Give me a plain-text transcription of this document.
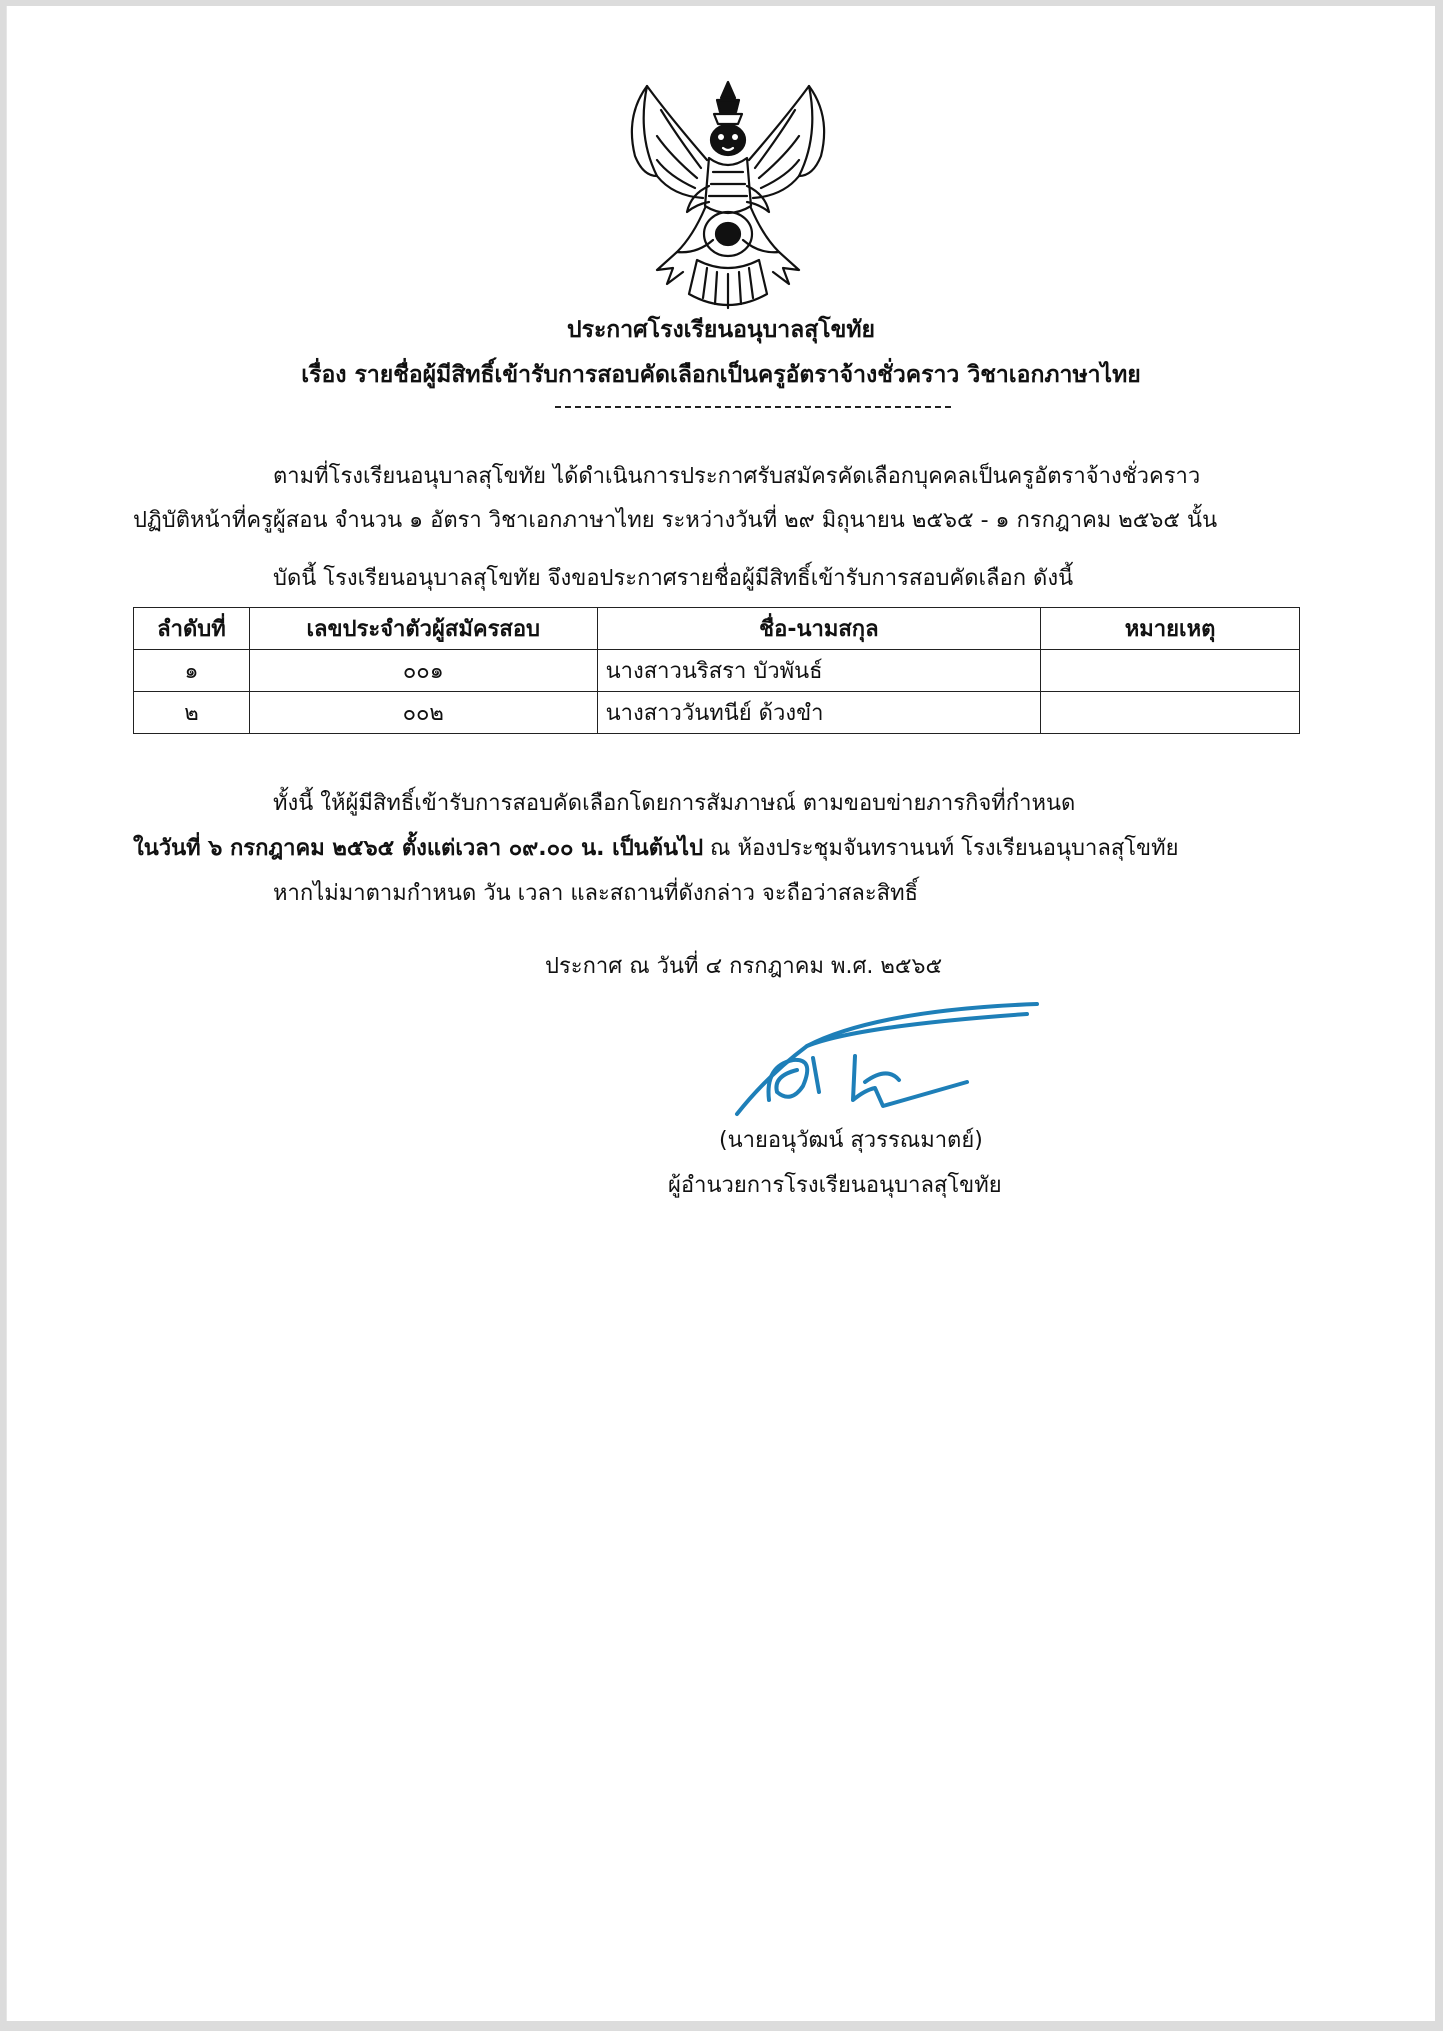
ประกาศโรงเรียนอนุบาลสุโขทัย
เรื่อง รายชื่อผู้มีสิทธิ์เข้ารับการสอบคัดเลือกเป็นครูอัตราจ้างชั่วคราว วิชาเอกภาษาไทย
ตามที่โรงเรียนอนุบาลสุโขทัย ได้ดำเนินการประกาศรับสมัครคัดเลือกบุคคลเป็นครูอัตราจ้างชั่วคราว
ปฏิบัติหน้าที่ครูผู้สอน จำนวน ๑ อัตรา วิชาเอกภาษาไทย ระหว่างวันที่ ๒๙ มิถุนายน ๒๕๖๕ - ๑ กรกฎาคม ๒๕๖๕ นั้น
บัดนี้ โรงเรียนอนุบาลสุโขทัย จึงขอประกาศรายชื่อผู้มีสิทธิ์เข้ารับการสอบคัดเลือก ดังนี้
ลำดับที่	เลขประจำตัวผู้สมัครสอบ	ชื่อ-นามสกุล	หมายเหตุ
๑	๐๐๑	นางสาวนริสรา บัวพันธ์	
๒	๐๐๒	นางสาววันทนีย์ ด้วงขำ	
ทั้งนี้ ให้ผู้มีสิทธิ์เข้ารับการสอบคัดเลือกโดยการสัมภาษณ์ ตามขอบข่ายภารกิจที่กำหนด
ในวันที่ ๖ กรกฎาคม ๒๕๖๕ ตั้งแต่เวลา ๐๙.๐๐ น. เป็นต้นไป ณ ห้องประชุมจันทรานนท์ โรงเรียนอนุบาลสุโขทัย
หากไม่มาตามกำหนด วัน เวลา และสถานที่ดังกล่าว จะถือว่าสละสิทธิ์
ประกาศ ณ วันที่ ๔ กรกฎาคม พ.ศ. ๒๕๖๕
(นายอนุวัฒน์ สุวรรณมาตย์)
ผู้อำนวยการโรงเรียนอนุบาลสุโขทัย
